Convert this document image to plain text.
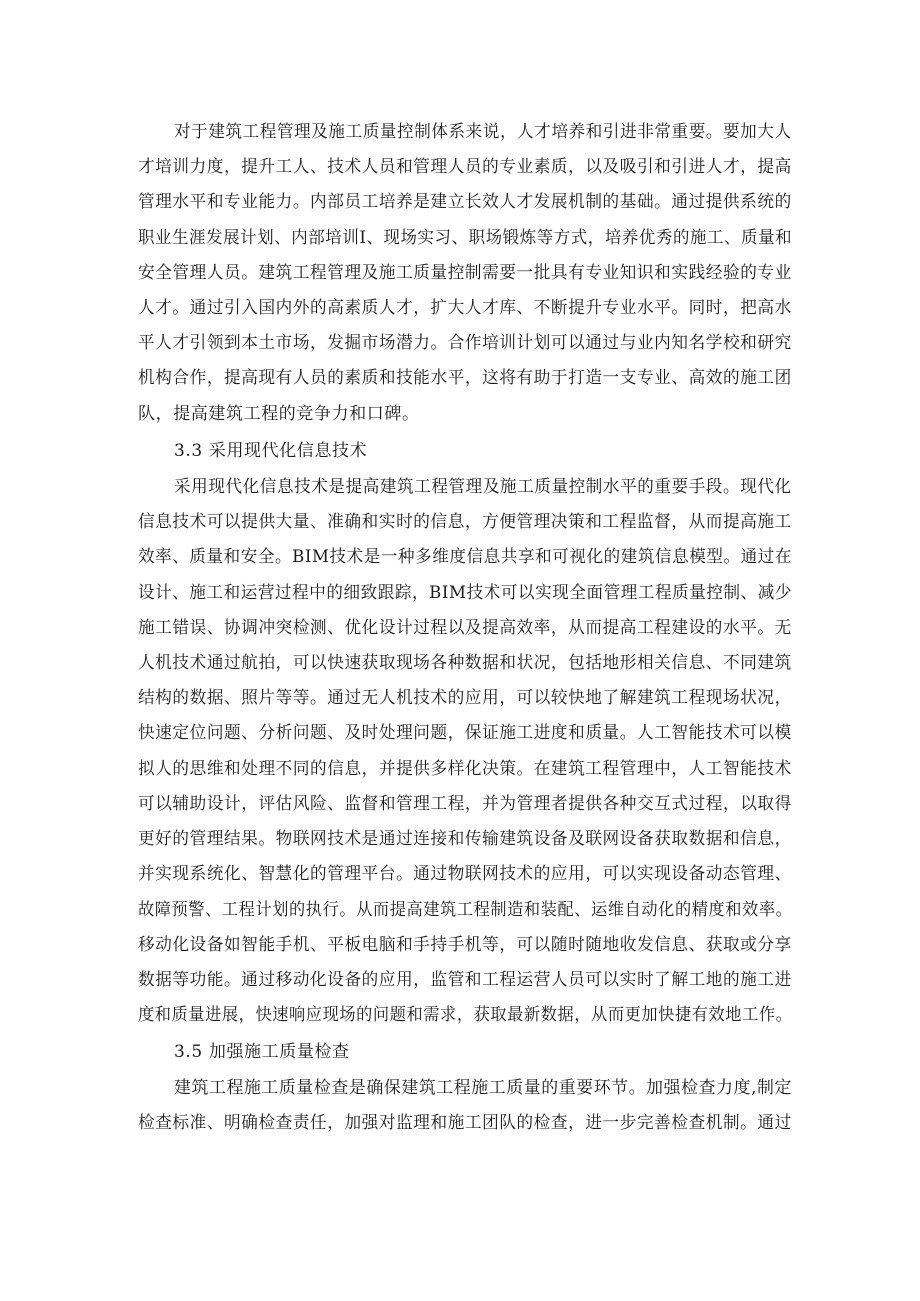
对于建筑工程管理及施工质量控制体系来说，人才培养和引进非常重要。要加大人
才培训力度，提升工人、技术人员和管理人员的专业素质，以及吸引和引进人才，提高
管理水平和专业能力。内部员工培养是建立长效人才发展机制的基础。通过提供系统的
职业生涯发展计划、内部培训I、现场实习、职场锻炼等方式，培养优秀的施工、质量和
安全管理人员。建筑工程管理及施工质量控制需要一批具有专业知识和实践经验的专业
人才。通过引入国内外的高素质人才，扩大人才库、不断提升专业水平。同时，把高水
平人才引领到本土市场，发掘市场潜力。合作培训计划可以通过与业内知名学校和研究
机构合作，提高现有人员的素质和技能水平，这将有助于打造一支专业、高效的施工团
队，提高建筑工程的竞争力和口碑。
3.3 采用现代化信息技术
采用现代化信息技术是提高建筑工程管理及施工质量控制水平的重要手段。现代化
信息技术可以提供大量、准确和实时的信息，方便管理决策和工程监督，从而提高施工
效率、质量和安全。BIM技术是一种多维度信息共享和可视化的建筑信息模型。通过在
设计、施工和运营过程中的细致跟踪，BIM技术可以实现全面管理工程质量控制、减少
施工错误、协调冲突检测、优化设计过程以及提高效率，从而提高工程建设的水平。无
人机技术通过航拍，可以快速获取现场各种数据和状况，包括地形相关信息、不同建筑
结构的数据、照片等等。通过无人机技术的应用，可以较快地了解建筑工程现场状况，
快速定位问题、分析问题、及时处理问题，保证施工进度和质量。人工智能技术可以模
拟人的思维和处理不同的信息，并提供多样化决策。在建筑工程管理中，人工智能技术
可以辅助设计，评估风险、监督和管理工程，并为管理者提供各种交互式过程，以取得
更好的管理结果。物联网技术是通过连接和传输建筑设备及联网设备获取数据和信息，
并实现系统化、智慧化的管理平台。通过物联网技术的应用，可以实现设备动态管理、
故障预警、工程计划的执行。从而提高建筑工程制造和装配、运维自动化的精度和效率。
移动化设备如智能手机、平板电脑和手持手机等，可以随时随地收发信息、获取或分享
数据等功能。通过移动化设备的应用，监管和工程运营人员可以实时了解工地的施工进
度和质量进展，快速响应现场的问题和需求，获取最新数据，从而更加快捷有效地工作。
3.5 加强施工质量检查
建筑工程施工质量检查是确保建筑工程施工质量的重要环节。加强检查力度,制定
检查标准、明确检查责任，加强对监理和施工团队的检查，进一步完善检查机制。通过
